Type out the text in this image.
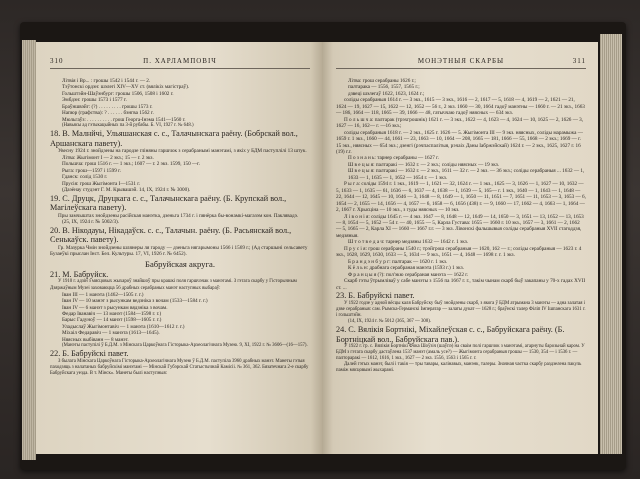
310	П. ХАРЛАМПОВІЧ

Лiтвiя i Вр... : грошы 1542 i 1544 г. — 2.

Тэўтонскi ордэн: шэлегi XIV—XV ст. (вялiкiх магiстраў).

Гольштэйн-Шаўэнбург: грошы 1506, 1508 i 1602 г.

Эмбдэн: грошы 1573 i 1577 г.

Браўншвэйг: (?) . . . . . . . . . грошы 1573 г.

Напюр (графства): ? . . . . . . бэнгва 1562 г.

Мюльгаўз: . . . . . . . . . . грош Георга-Інэма 1541—1560 г.

(Навьясы ад гэтыкацыйных па 3-й рубабы. Б. VI, 1927 г. № 648.)

18. В. Малнйчі, Ульяшанская с. с., Талачынскага раёну. (Бобрскай вол., Аршанскага павету).

Увесну 1924 г. знойдзены на гародзе гліняны гаршчок з серабранымі манэтамі, з якіх у БДМ паступлiлі 13 штук.

Лiтва: Жыгiмонт I — 2 экз.; 15 — г. 2 экз.

Польшча: грош 1516 г. — 1 экз.; 1607 — г. 2 экз. 1599, 150 —г.

Рыга: грош—1597 i 1599 г.

Гданск: солід 1530 г.

Прусія: грош Жыгімонта I—1531 г.

(Даэёнау студэнт Г. М. Крывашэй. 14, IX, 1924 г. № 3000).

19. С. Друцк, Друцкага с. с., Талачынскага раёну. (Б. Крупскай вол., Магiлеўскага павету).

Пры замчыштах знойдзены расiйская манэтка, дзеньга 1734 г. i пянёрка бы-вонамкі-магазэм кон. Паклявадэ.

(25, IX, 1924 г. № 5002/3).

20. В. Нікодауы, Нікадаўск. с. с., Талачын. раёну. (Б. Расьянскай вол., Сенькаўск. павету).

Гр. Мазурка Чмiн знойдзены шлянеры ля гароду — дзеньга нягарымоны 1566 i 1569 г.; (Ад старшынi сельсавету Бузаеўкі прыслан Iнст. Бел. Культуры. 17, VI, 1926 г. № 6452).

Бабруйская акруга.

21. М. Бабруйск.

У 1910 г. адзін з мясцовых жыхароў знайшоў пры крашкі поля гаршчэчак з манэтамі. З гэтага скарбу у Гісторычным Дзяржаўным Музеі заховаюцца 56 драбных серабраных манэт наступных выбараў:

Іван III — 1 манэта (1462—1505 г. г.)

Іван IV — 10 манэт з рысункам ведзніка з вочам (1533—1584 г. г.)

Іван IV — 6 манэт з рысункам вядзніка з вочам.

Федар Іванавіч — 13 манэт (1584—1598 г. г.)

Барыс Гадуноў — 14 манэт (1598—1605 г. г.)

Уладыслаў Жыгімонтавіч — 1 манэта (1610—1612 г. г.)

Міхаіл Федаравіч — 1 манэта (1613—1645).

Няясных выбіванн — 8 манэт.

(Манэты паступiлi ў Б.Д.М. з Мінскага Царкоўнага Гісторыка-Археолагiчнага Музею. 9, XI, 1922 г. № 3606—(16—157).

22. Б. Бабруйскі павет.

З былага Мінскага Царкоўнага Гісторыка-Археолагiчнага Музею ў Б.Д.М. паступiла 3960 драбных манэт. Манеты гэтыя паходзяць з налатаных бабруйскімі манэтамі — Мінскай Губэрскай Статыстычнай Камісіі. № 361, 362. Бязатечнага 2-е скарбу Бабруйскага уезда. В т. Мінск». Манеты былi наступныя:

МОНЭТНЫЯ СКАРБЫ	311

Літва: грош серабраны 1626 г.;

палтарака — 1556, 1557, 1565 г.;

дзвеці шэлегаў 1622, 1623, 1624 г.;

солiды серабраныя 1614 г. — 3 экз., 1615 — 3 экз., 1616 — 2, 1617 — 5, 1618 — 4, 1619 — 2, 1621 — 21, 1624 — 19, 1627 — 15, 1622 — 12, 1652 — 56 г., 2 экз. 1660 — 30, 1664 гадоў манэтны — 1660 г. — 21 экз., 1663 — 186, 1664 — 118, 1665 — 39, 1666 — 48, гатыччаю гадоў няясных — 634 экз.

П о л ь ш ч а: палтарак (трэхгрошнік) 1621 г. — 3 экз., 1622 — 4, 1623 — 4, 1624 — 10, 1625 — 2, 1626 — 3, 1627 — 16, 162— г. —16 экз.;

солiды серабраныя 1618 г. — 2 экз., 1625 г. 1626 — 5. Жыгімонта III — 9 экз. няясных, солiды марамыжа — 1659 г. 1 экз., 1660 — 44, 1661 — 23, 1663 — 10, 1664 — 208, 1665 — 181, 1666 — 55, 1668 — 2 экз.; 1669 — г. 15 экз., няясных — 654 экз.; дзенгі (рэчпаспалiтыя, рэчаіх Даны Іабржэйскай) 1624 г. — 2 экз., 1625, 1627 г. 16 (19) г.г.

П о з н а н ь: тарнер серабраны — 1627 г.

Ш в е ц ы я: палтаракі — 1632 г. — 2 экз.; солiды няясных — 19 экз.

Ш в е ц ы я: палтаракі — 1632 г. — 2 экз., 1611 — 32 г. — 2 экз. — 36 экз.; солiды серабраныя ... 1632 — 1, 1633 — 1, 1635 — 1, 1652 — 1654 г. — 1 экз.

Р ы г а: солiды 1594 г. 1 экз., 1619 — 1, 1621 — 32, 1624 г. — 1 экз., 1625 — 3, 1626 — 1, 1627 — 10, 1632 — 5, 1633 — 1, 1635 — 61, 1636 — 6, 1637 — 4, 1638 — 1, 1639 — 5, 165— г. 1 экз., 1640 — 1, 1643 — 1, 1648 — 22, 1644 — 12, 1645 — 10, 1646 — 3, 1648 — 8, 1649 — 1, 1650 — 11, 1651 — 7, 1651 — 11, 1653 — 3, 1653 — 6, 1654 — 2, 1655 — 14, 1656 — 4, 1657 — 6, 1658 — 6, 1656 (438) г. — 9, 1660 — 17, 1662 — 4, 1663 — 1, 1664 — 2, 1667 г. Хрысціна — 10 экз., з гуды няясных — 10 экз.

Л і в о н і я: солiды 1645 г. — 4 экз. 1647 — 8, 1648 — 12, 1649 — 14, 1650 — 3, 1651 — 13, 1652 — 13, 1653 — 8, 1654 — 5, 1652 — 54 г. — 40, 1655 — 5, Карла Густава: 1655 — 1660 г. 10 экз., 1657 — 3, 1661 — 2, 1662 — 5, 1665 — 2, Карла XI — 1660 — 1667 г.г. — 3 экз. Лiвонскi фальшывыя солiды серабраныя XVII стагоддзя, медзяныя.

Ш т о т в е д а ч: тарнер медзяны 1632 — 1642 г. 1 экз.

П р у с i я: грош серабраны 1540 г.; трэйгрош серабраныя — 1620, 162 — г.; солiды серабраныя — 1623 г. 4 экз., 1628, 1629, 1630, 1633 — 5, 1634 — 9 экз., 1651 — 4, 1648 — 1698 г. г. 1 экз.

Б р а н д э н б у р г: палтарак — 1620 г. 1 экз.

К ё л ь н: драбнага серабраная манэта (1593 г.) 1 экз.

Ф р а н ц ы я (?): пол'экю серабраная манэта — 1622 г.

Скарб гэты ўтрымлiваў у сабе манэты з 1556 па 1667 г. г., такiм чынам скарб быў закапаны у 70-х гадах XVII ст. ...

23. Б. Бабруйскі павет.

У 1922 годзе у адной вёсцы каля Бабруйску быў знойдзены скарб, з якога ў БДМ атрымана 3 манэты — адна залатая i дзве серабраныя: сам. Рымска-Германскi Імператар — залаты дукат — 1628 г.; браўнскi талер Філіп IV Iшпанскага 1631 г. i гольштэйн.

(14, IX, 1924 г. № 5012 (365, 367 — 308).

24. С. Вялікія Бортнікі, Міхайлеўская с. с., Бабруйскага раёну. (Б. Бортніцкай вол., Бабруйскага пав.).

У 1922 г. гр. с. Вялікія Бортнiкi Фока Шоўзіч (шаўпэ) на сваім полi гаршчок з манэтамі, агарнуты барозьнай каром. У БДМ з гэтага скарбу дастаўлена 1537 манэт (амаль усе?) — Жыгімонта серабраныя грошы — 1530, 354 — i 1536 г. — палтораракі — 1612, 1616, 1 экз., 1627 — 2 экз. 1556, 1563 i 1565 г. г.

Далей гэтых манэт, былi i такiя — тры тавары, калiнавых, манэнк, талеры. Значная частка скарбу раздзелена пакуль паміж мясцовымi жыхарамі.
